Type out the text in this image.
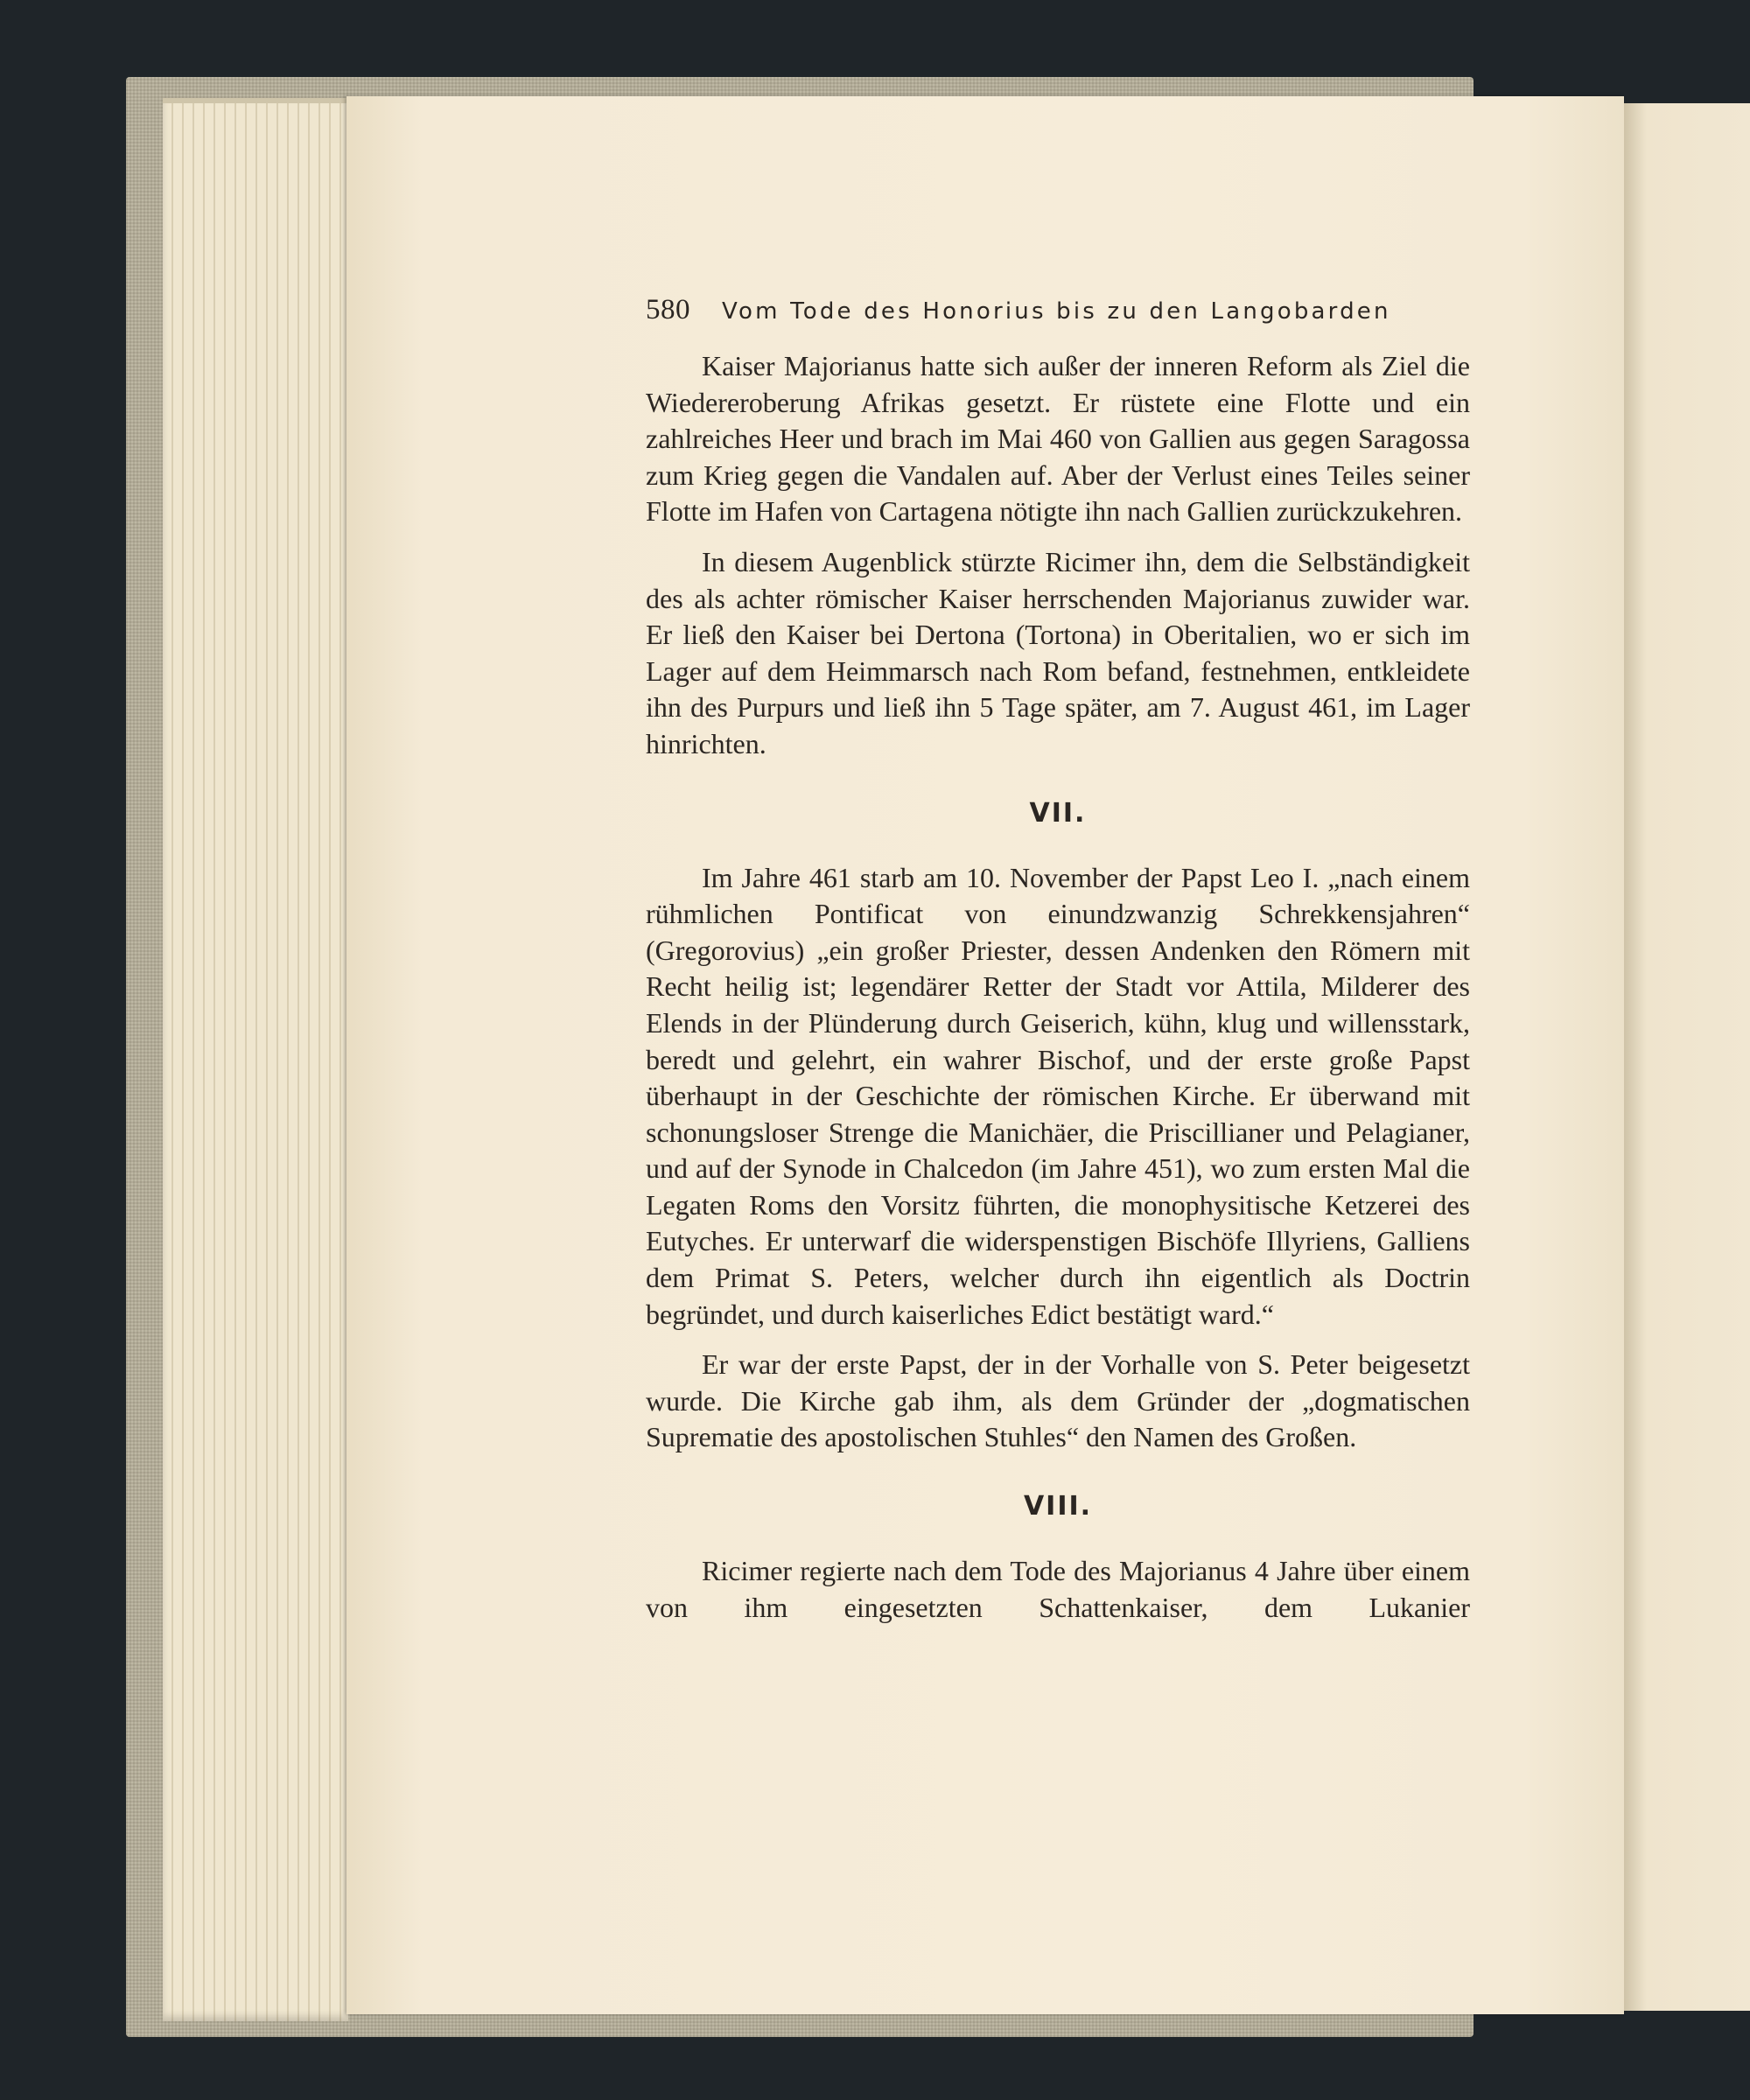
580 Vom Tode des Honorius bis zu den Langobarden

Kaiser Majorianus hatte sich außer der inneren Reform als Ziel die Wiedereroberung Afrikas gesetzt. Er rüstete eine Flotte und ein zahlreiches Heer und brach im Mai 460 von Gallien aus gegen Saragossa zum Krieg gegen die Vandalen auf. Aber der Verlust eines Teiles seiner Flotte im Hafen von Cartagena nötigte ihn nach Gallien zurückzukehren.

In diesem Augenblick stürzte Ricimer ihn, dem die Selbständigkeit des als achter römischer Kaiser herrschenden Majorianus zuwider war. Er ließ den Kaiser bei Dertona (Tortona) in Oberitalien, wo er sich im Lager auf dem Heimmarsch nach Rom befand, festnehmen, entkleidete ihn des Purpurs und ließ ihn 5 Tage später, am 7. August 461, im Lager hinrichten.

VII.

Im Jahre 461 starb am 10. November der Papst Leo I. „nach einem rühmlichen Pontificat von einundzwanzig Schrekkensjahren“ (Gregorovius) „ein großer Priester, dessen Andenken den Römern mit Recht heilig ist; legendärer Retter der Stadt vor Attila, Milderer des Elends in der Plünderung durch Geiserich, kühn, klug und willensstark, beredt und gelehrt, ein wahrer Bischof, und der erste große Papst überhaupt in der Geschichte der römischen Kirche. Er überwand mit schonungsloser Strenge die Manichäer, die Priscillianer und Pelagianer, und auf der Synode in Chalcedon (im Jahre 451), wo zum ersten Mal die Legaten Roms den Vorsitz führten, die monophysitische Ketzerei des Eutyches. Er unterwarf die widerspenstigen Bischöfe Illyriens, Galliens dem Primat S. Peters, welcher durch ihn eigentlich als Doctrin begründet, und durch kaiserliches Edict bestätigt ward.“

Er war der erste Papst, der in der Vorhalle von S. Peter beigesetzt wurde. Die Kirche gab ihm, als dem Gründer der „dogmatischen Suprematie des apostolischen Stuhles“ den Namen des Großen.

VIII.

Ricimer regierte nach dem Tode des Majorianus 4 Jahre über einem von ihm eingesetzten Schattenkaiser, dem Lukanier
